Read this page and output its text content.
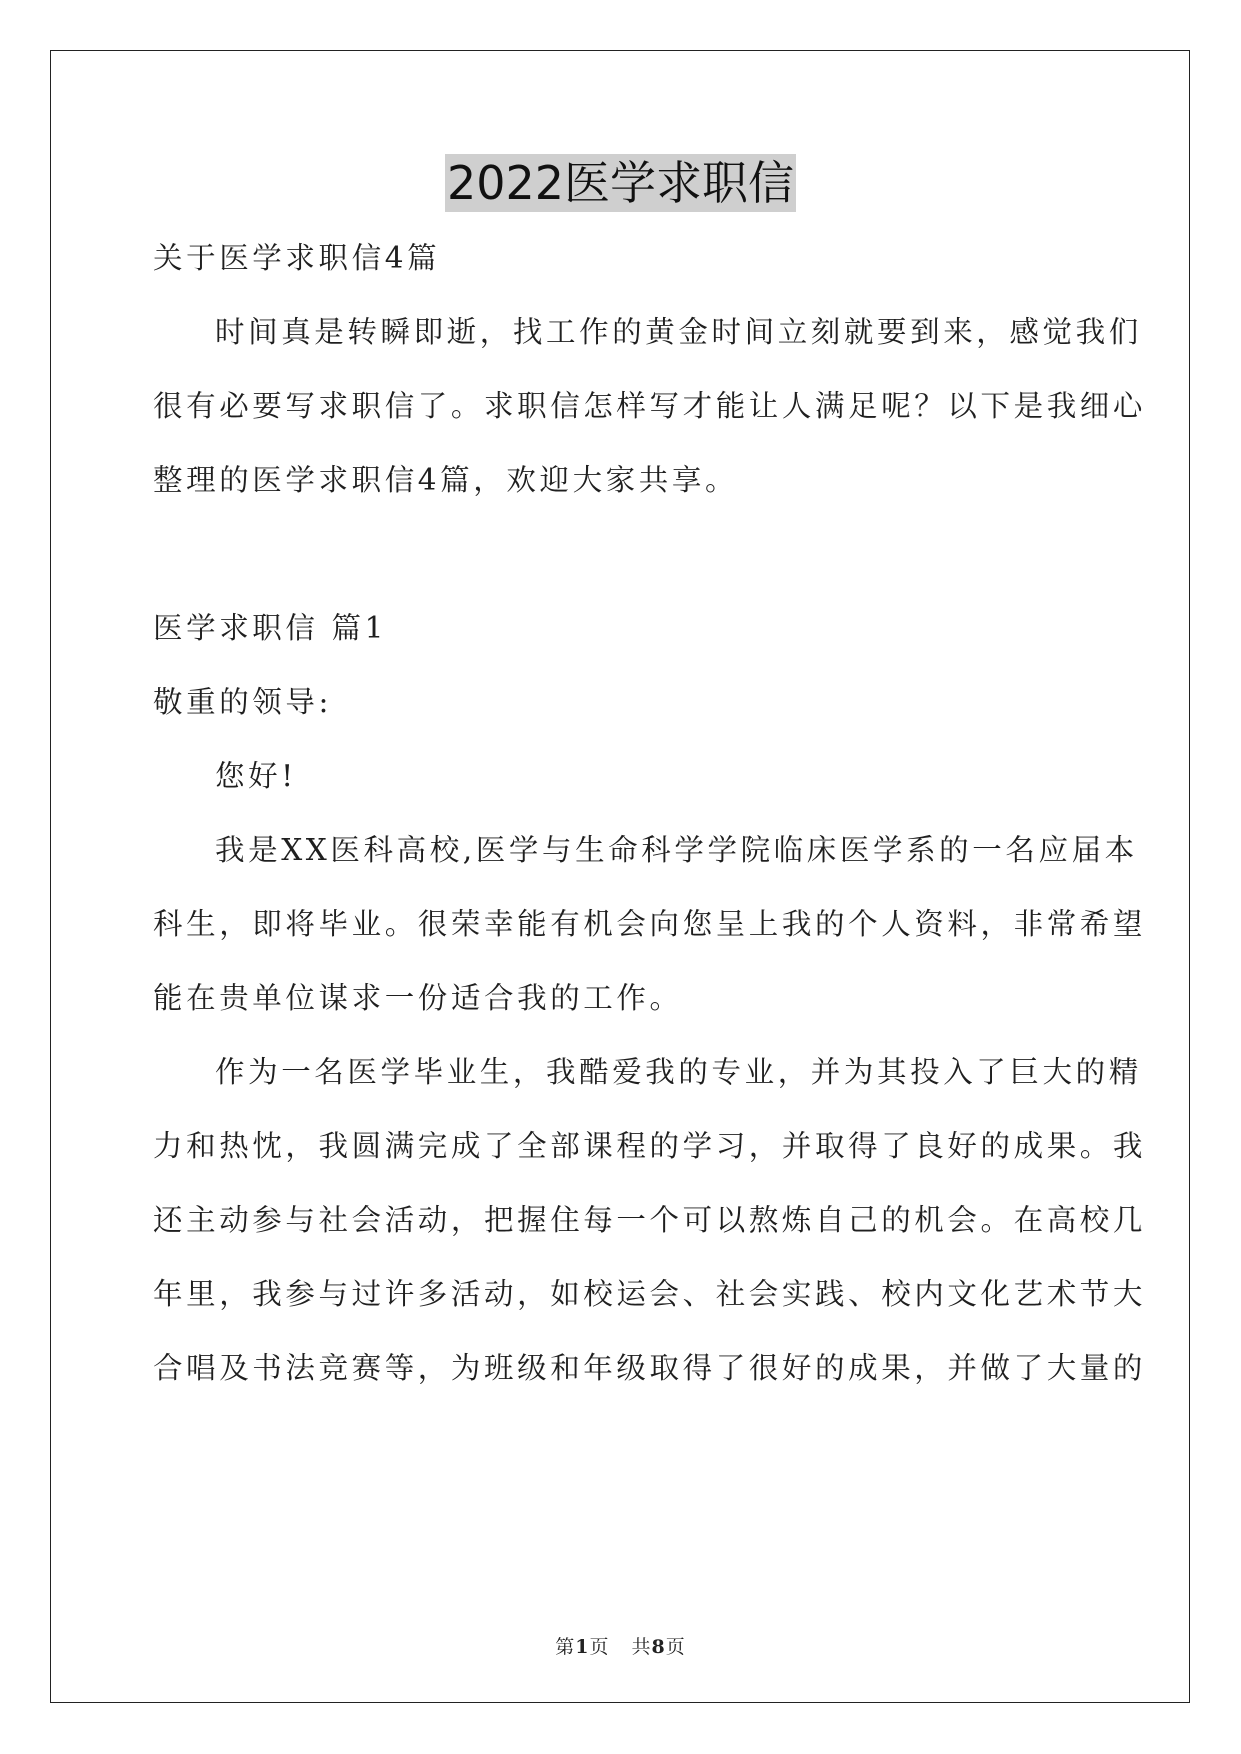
2022医学求职信
关于医学求职信4篇
时间真是转瞬即逝，找工作的黄金时间立刻就要到来，感觉我们
很有必要写求职信了。求职信怎样写才能让人满足呢？以下是我细心
整理的医学求职信4篇，欢迎大家共享。
医学求职信 篇1
敬重的领导:
您好!
我是XX医科高校,医学与生命科学学院临床医学系的一名应届本
科生，即将毕业。很荣幸能有机会向您呈上我的个人资料，非常希望
能在贵单位谋求一份适合我的工作。
作为一名医学毕业生，我酷爱我的专业，并为其投入了巨大的精
力和热忱，我圆满完成了全部课程的学习，并取得了良好的成果。我
还主动参与社会活动，把握住每一个可以熬炼自己的机会。在高校几
年里，我参与过许多活动，如校运会、社会实践、校内文化艺术节大
合唱及书法竞赛等，为班级和年级取得了很好的成果，并做了大量的
第1页 共8页
